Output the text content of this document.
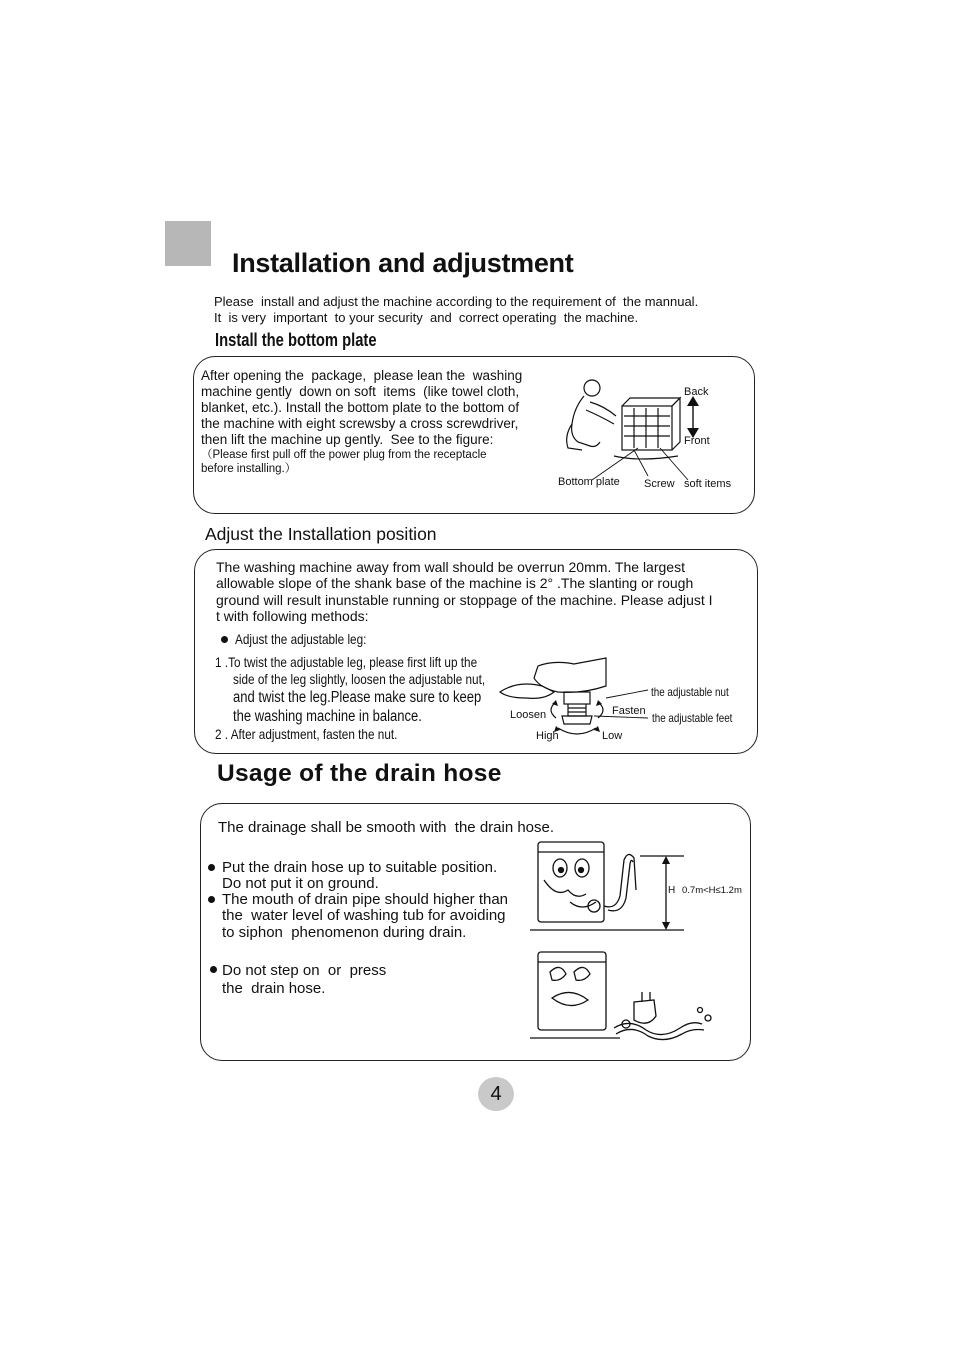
Installation and adjustment
Please  install and adjust the machine according to the requirement of  the mannual.
It  is very  important  to your security  and  correct operating  the machine.
Install the bottom plate
After opening the  package,  please lean the  washing
machine gently  down on soft  items  (like towel cloth,
blanket, etc.). Install the bottom plate to the bottom of
the machine with eight screwsby a cross screwdriver,
then lift the machine up gently.  See to the figure:
（Please first pull off the power plug from the receptacle
before installing.）
Back
Front
Bottom plate Screw soft items
Adjust the Installation position
The washing machine away from wall should be overrun 20mm. The largest
allowable slope of the shank base of the machine is 2° .The slanting or rough
ground will result inunstable running or stoppage of the machine. Please adjust I
t with following methods:
Adjust the adjustable leg:
1 .To twist the adjustable leg, please first lift up the
side of the leg slightly, loosen the adjustable nut,
and twist the leg.Please make sure to keep
the washing machine in balance.
2 . After adjustment, fasten the nut.
the adjustable nut
the adjustable feet
Loosen	Fasten
High	Low
Usage of the drain hose
The drainage shall be smooth with  the drain hose.
Put the drain hose up to suitable position.
Do not put it on ground.
The mouth of drain pipe should higher than
the  water level of washing tub for avoiding
to siphon  phenomenon during drain.
Do not step on  or  press
the  drain hose.
H 0.7m<H≤1.2m
4
